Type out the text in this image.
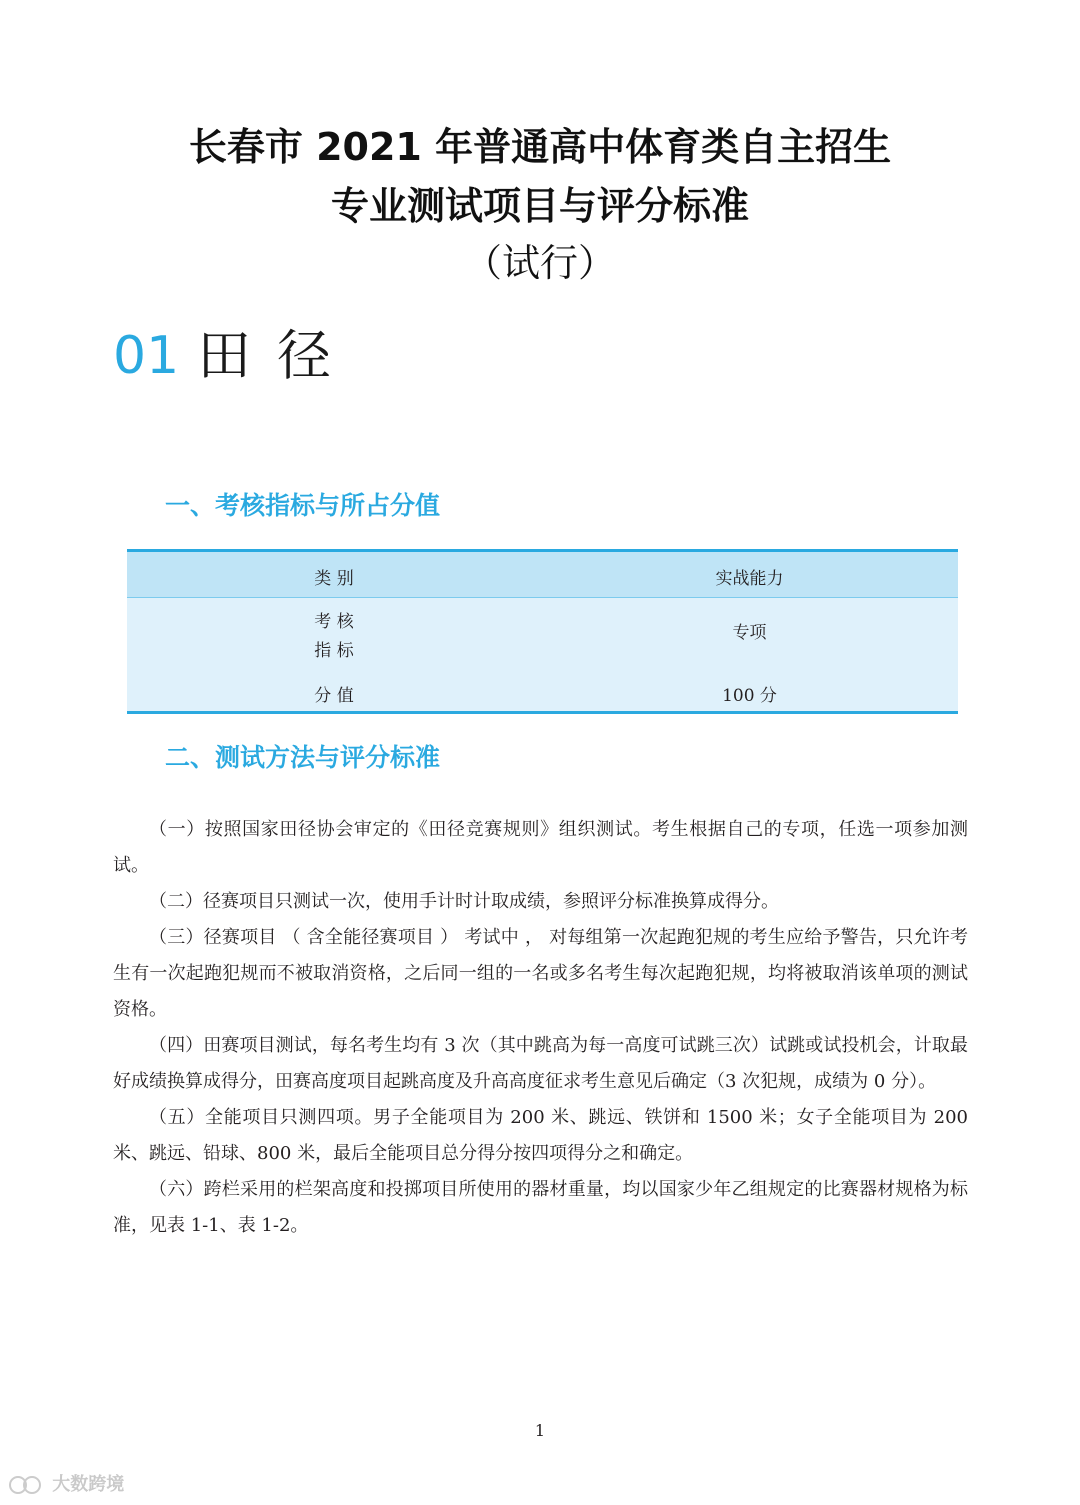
长春市 2021 年普通高中体育类自主招生
专业测试项目与评分标准
（试行）
01 田径
一、考核指标与所占分值
类 别	实战能力
考 核
指 标
专项
分 值	100 分
二、测试方法与评分标准

（一）按照国家田径协会审定的《田径竞赛规则》组织测试。考生根据自己的专项，任选一项参加测试。

（二）径赛项目只测试一次，使用手计时计取成绩，参照评分标准换算成得分。

（三）径赛项目 （ 含全能径赛项目 ） 考试中 ， 对每组第一次起跑犯规的考生应给予警告，只允许考生有一次起跑犯规而不被取消资格，之后同一组的一名或多名考生每次起跑犯规，均将被取消该单项的测试资格。

（四）田赛项目测试，每名考生均有 3 次（其中跳高为每一高度可试跳三次）试跳或试投机会，计取最好成绩换算成得分，田赛高度项目起跳高度及升高高度征求考生意见后确定（3 次犯规，成绩为 0 分）。

（五）全能项目只测四项。男子全能项目为 200 米、跳远、铁饼和 1500 米；女子全能项目为 200 米、跳远、铅球、800 米，最后全能项目总分得分按四项得分之和确定。

（六）跨栏采用的栏架高度和投掷项目所使用的器材重量，均以国家少年乙组规定的比赛器材规格为标准，见表 1-1、表 1-2。

1
大数跨境
